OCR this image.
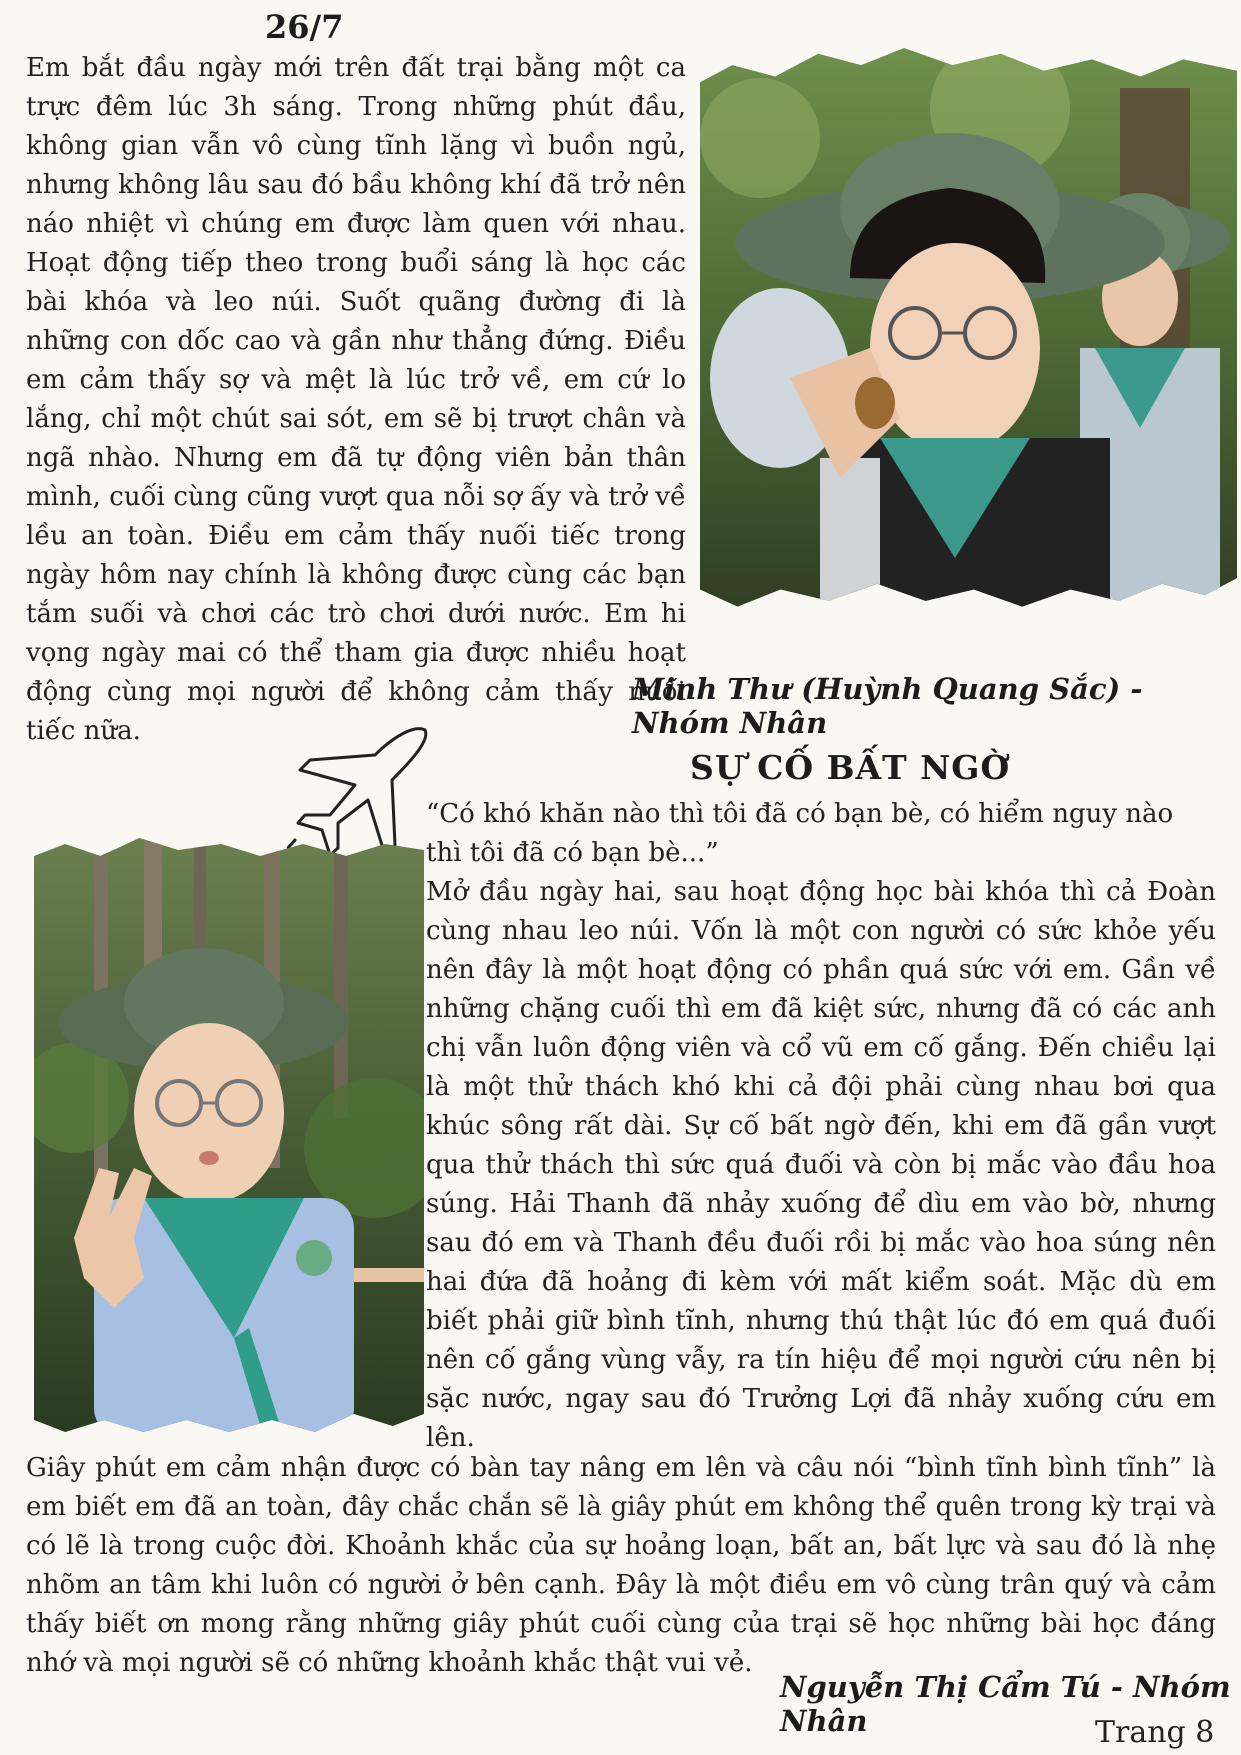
26/7
Em bắt đầu ngày mới trên đất trại bằng một ca trực đêm lúc 3h sáng. Trong những phút đầu, không gian vẫn vô cùng tĩnh lặng vì buồn ngủ, nhưng không lâu sau đó bầu không khí đã trở nên náo nhiệt vì chúng em được làm quen với nhau. Hoạt động tiếp theo trong buổi sáng là học các bài khóa và leo núi. Suốt quãng đường đi là những con dốc cao và gần như thẳng đứng. Điều em cảm thấy sợ và mệt là lúc trở về, em cứ lo lắng, chỉ một chút sai sót, em sẽ bị trượt chân và ngã nhào. Nhưng em đã tự động viên bản thân mình, cuối cùng cũng vượt qua nỗi sợ ấy và trở về lều an toàn. Điều em cảm thấy nuối tiếc trong ngày hôm nay chính là không được cùng các bạn tắm suối và chơi các trò chơi dưới nước. Em hi vọng ngày mai có thể tham gia được nhiều hoạt động cùng mọi người để không cảm thấy nuối tiếc nữa.
Minh Thư (Huỳnh Quang Sắc) - Nhóm Nhân
SỰ CỐ BẤT NGỜ
“Có khó khăn nào thì tôi đã có bạn bè, có hiểm nguy nào thì tôi đã có bạn bè...”
Mở đầu ngày hai, sau hoạt động học bài khóa thì cả Đoàn cùng nhau leo núi. Vốn là một con người có sức khỏe yếu nên đây là một hoạt động có phần quá sức với em. Gần về những chặng cuối thì em đã kiệt sức, nhưng đã có các anh chị vẫn luôn động viên và cổ vũ em cố gắng. Đến chiều lại là một thử thách khó khi cả đội phải cùng nhau bơi qua khúc sông rất dài. Sự cố bất ngờ đến, khi em đã gần vượt qua thử thách thì sức quá đuối và còn bị mắc vào đầu hoa súng. Hải Thanh đã nhảy xuống để dìu em vào bờ, nhưng sau đó em và Thanh đều đuối rồi bị mắc vào hoa súng nên hai đứa đã hoảng đi kèm với mất kiểm soát. Mặc dù em biết phải giữ bình tĩnh, nhưng thú thật lúc đó em quá đuối nên cố gắng vùng vẫy, ra tín hiệu để mọi người cứu nên bị sặc nước, ngay sau đó Trưởng Lợi đã nhảy xuống cứu em lên.
Giây phút em cảm nhận được có bàn tay nâng em lên và câu nói “bình tĩnh bình tĩnh” là em biết em đã an toàn, đây chắc chắn sẽ là giây phút em không thể quên trong kỳ trại và có lẽ là trong cuộc đời. Khoảnh khắc của sự hoảng loạn, bất an, bất lực và sau đó là nhẹ nhõm an tâm khi luôn có người ở bên cạnh. Đây là một điều em vô cùng trân quý và cảm thấy biết ơn mong rằng những giây phút cuối cùng của trại sẽ học những bài học đáng nhớ và mọi người sẽ có những khoảnh khắc thật vui vẻ.
Nguyễn Thị Cẩm Tú - Nhóm Nhân	Trang 8
